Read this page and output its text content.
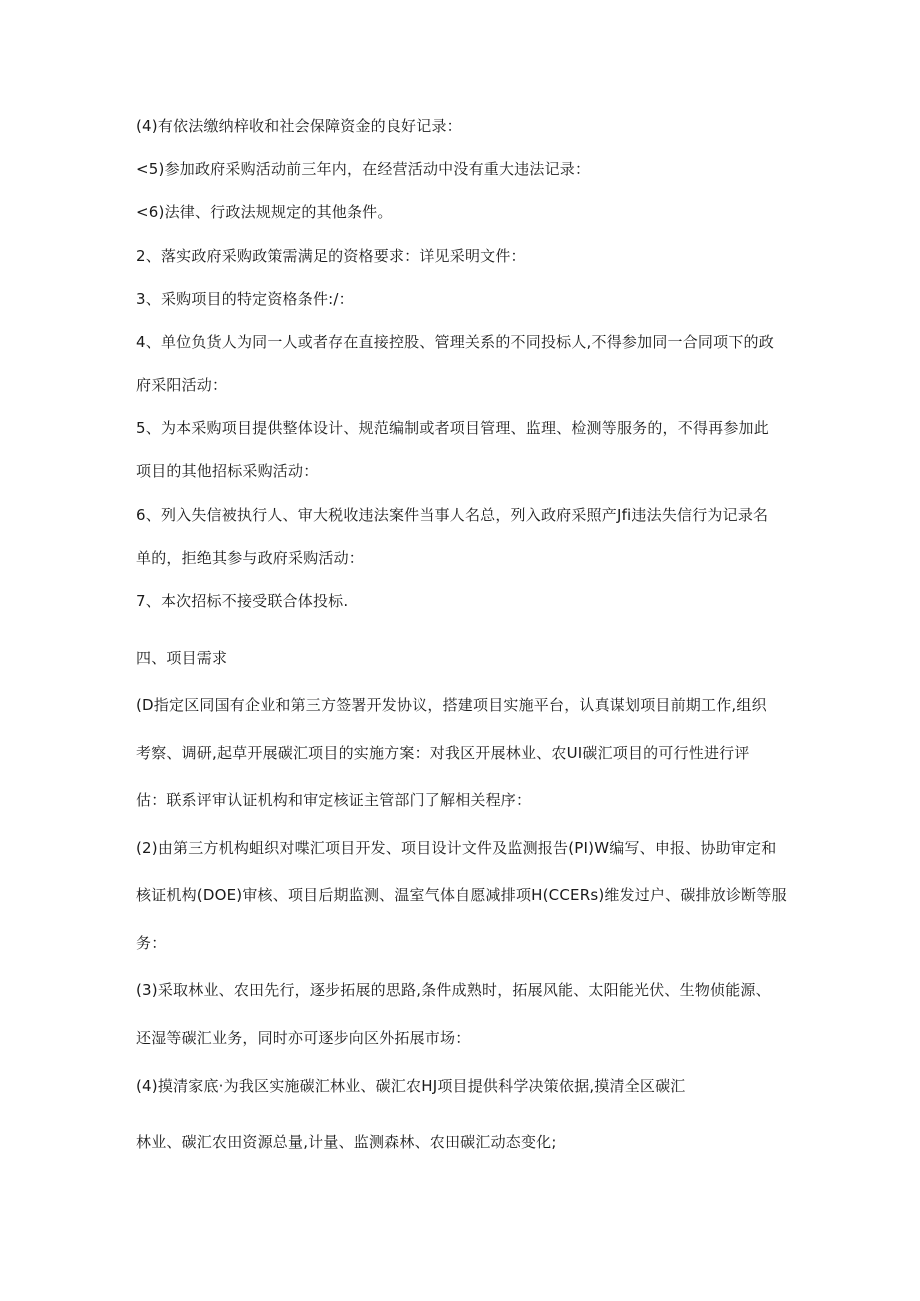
(4)有依法缴纳梓收和社会保障资金的良好记录：
<5)参加政府采购活动前三年内，在经营活动中没有重大违法记录：
<6)法律、行政法规规定的其他条件。
2、落实政府采购政策需满足的资格要求：详见采明文件：
3、采购项目的特定资格条件:/：
4、单位负货人为同一人或者存在直接控股、管理关系的不同投标人,不得参加同一合同项下的政
府采阳活动：
5、为本采购项目提供整体设计、规范编制或者项目管理、监理、检测等服务的，不得再参加此
项目的其他招标采购活动：
6、列入失信被执行人、审大税收违法案件当事人名总，列入政府采照产Jfi违法失信行为记录名
单的，拒绝其参与政府采购活动：
7、本次招标不接受联合体投标.
四、项目需求
(D指定区同国有企业和第三方签署开发协议，搭建项目实施平台，认真谋划项目前期工作,组织
考察、调研,起草开展碳汇项目的实施方案：对我区开展林业、农UI碳汇项目的可行性进行评
估：联系评审认证机构和审定核证主管部门了解相关程序：
(2)由第三方机构蛆织对喋汇项目开发、项目设计文件及监测报告(PI)W编写、申报、协助审定和
核证机构(DOE)审核、项目后期监测、温室气体自愿减排项H(CCERs)维发过户、碳排放诊断等服
务：
(3)采取林业、农田先行，逐步拓展的思路,条件成熟时，拓展风能、太阳能光伏、生物侦能源、
还湿等碳汇业务，同时亦可逐步向区外拓展市场：
(4)摸清家底·为我区实施碳汇林业、碳汇农HJ项目提供科学决策依据,摸清全区碳汇
林业、碳汇农田资源总量,计量、监测森林、农田碳汇动态变化;
